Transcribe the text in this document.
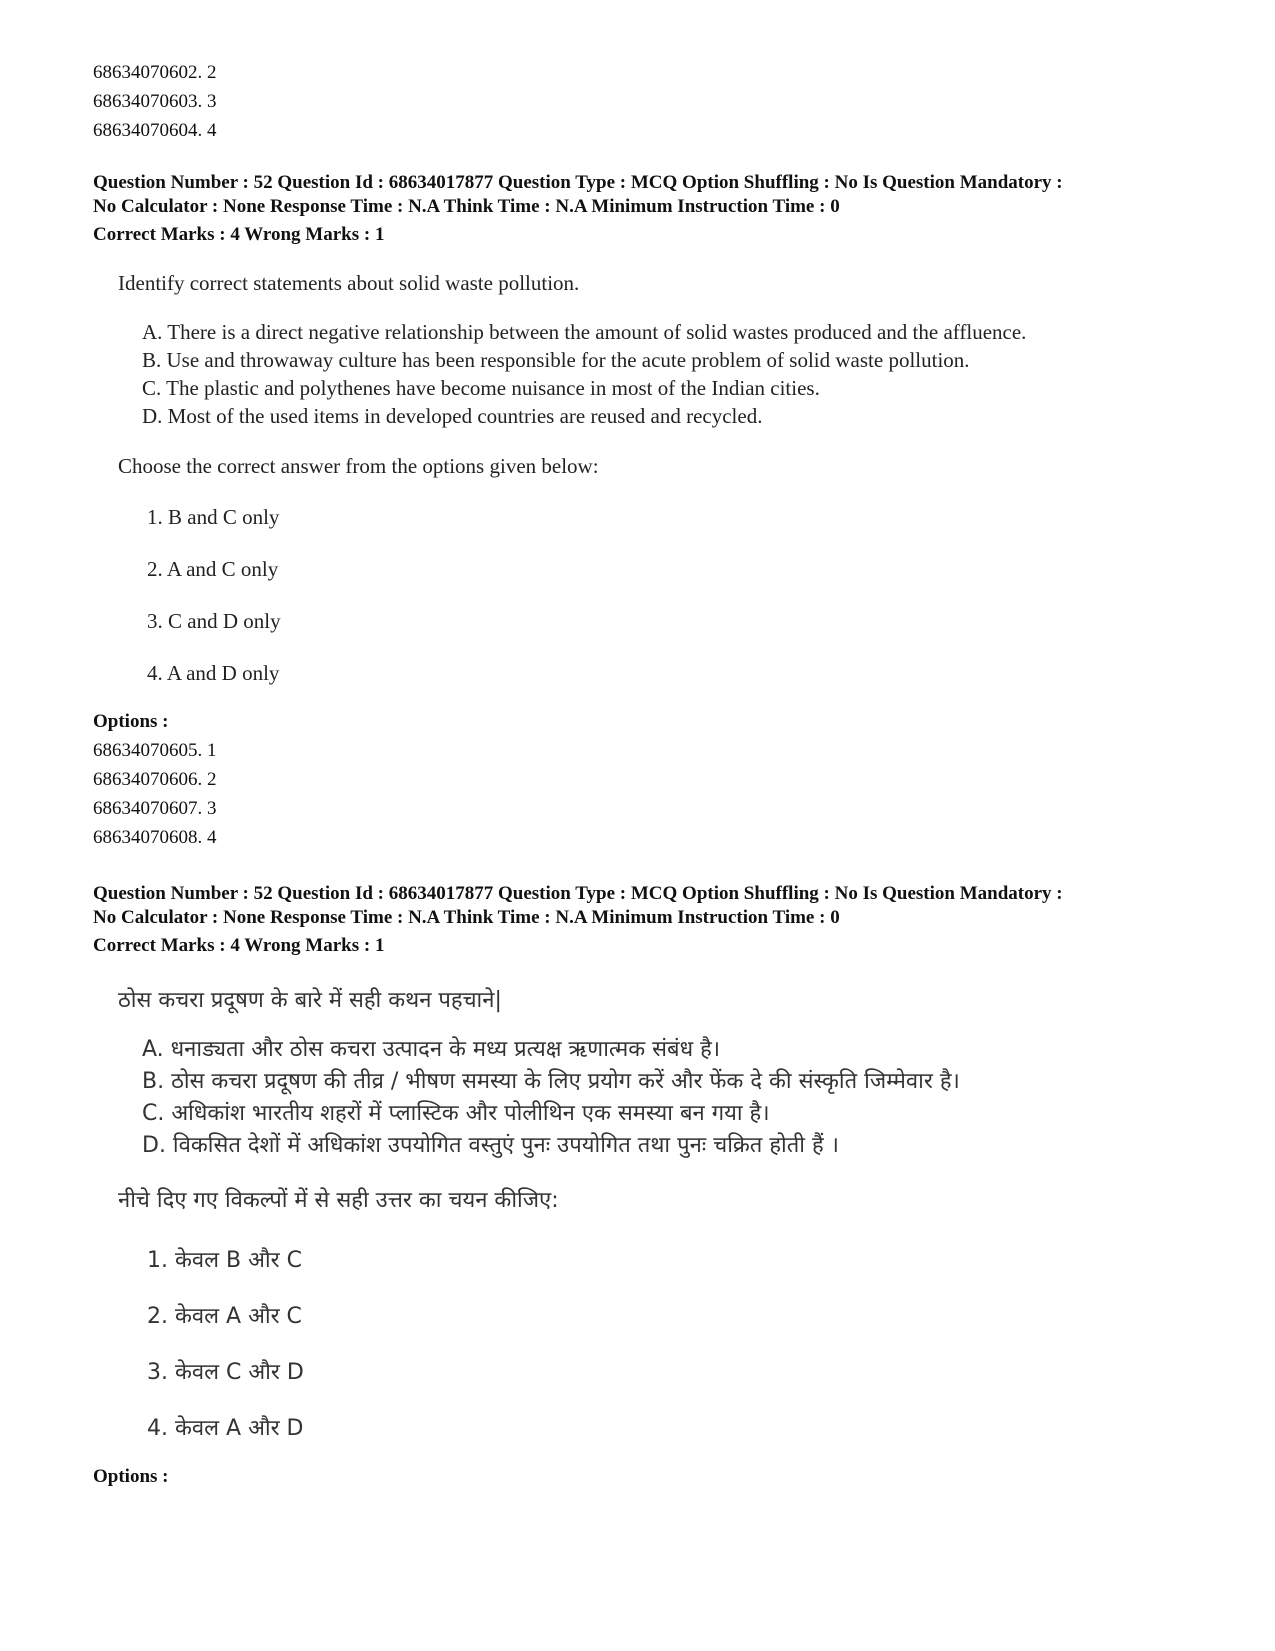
68634070602. 2
68634070603. 3
68634070604. 4
Question Number : 52 Question Id : 68634017877 Question Type : MCQ Option Shuffling : No Is Question Mandatory :
No Calculator : None Response Time : N.A Think Time : N.A Minimum Instruction Time : 0
Correct Marks : 4 Wrong Marks : 1
Identify correct statements about solid waste pollution.
A. There is a direct negative relationship between the amount of solid wastes produced and the affluence.
B. Use and throwaway culture has been responsible for the acute problem of solid waste pollution.
C. The plastic and polythenes have become nuisance in most of the Indian cities.
D. Most of the used items in developed countries are reused and recycled.
Choose the correct answer from the options given below:
1. B and C only
2. A and C only
3. C and D only
4. A and D only
Options :
68634070605. 1
68634070606. 2
68634070607. 3
68634070608. 4
Question Number : 52 Question Id : 68634017877 Question Type : MCQ Option Shuffling : No Is Question Mandatory :
No Calculator : None Response Time : N.A Think Time : N.A Minimum Instruction Time : 0
Correct Marks : 4 Wrong Marks : 1
ठोस कचरा प्रदूषण के बारे में सही कथन पहचाने|
A. धनाड्यता और ठोस कचरा उत्पादन के मध्य प्रत्यक्ष ऋणात्मक संबंध है।
B. ठोस कचरा प्रदूषण की तीव्र / भीषण समस्या के लिए प्रयोग करें और फेंक दे की संस्कृति जिम्मेवार है।
C. अधिकांश भारतीय शहरों में प्लास्टिक और पोलीथिन एक समस्या बन गया है।
D. विकसित देशों में अधिकांश उपयोगित वस्तुएं पुनः उपयोगित तथा पुनः चक्रित होती हैं ।
नीचे दिए गए विकल्पों में से सही उत्तर का चयन कीजिए:
1. केवल B और C
2. केवल A और C
3. केवल C और D
4. केवल A और D
Options :
